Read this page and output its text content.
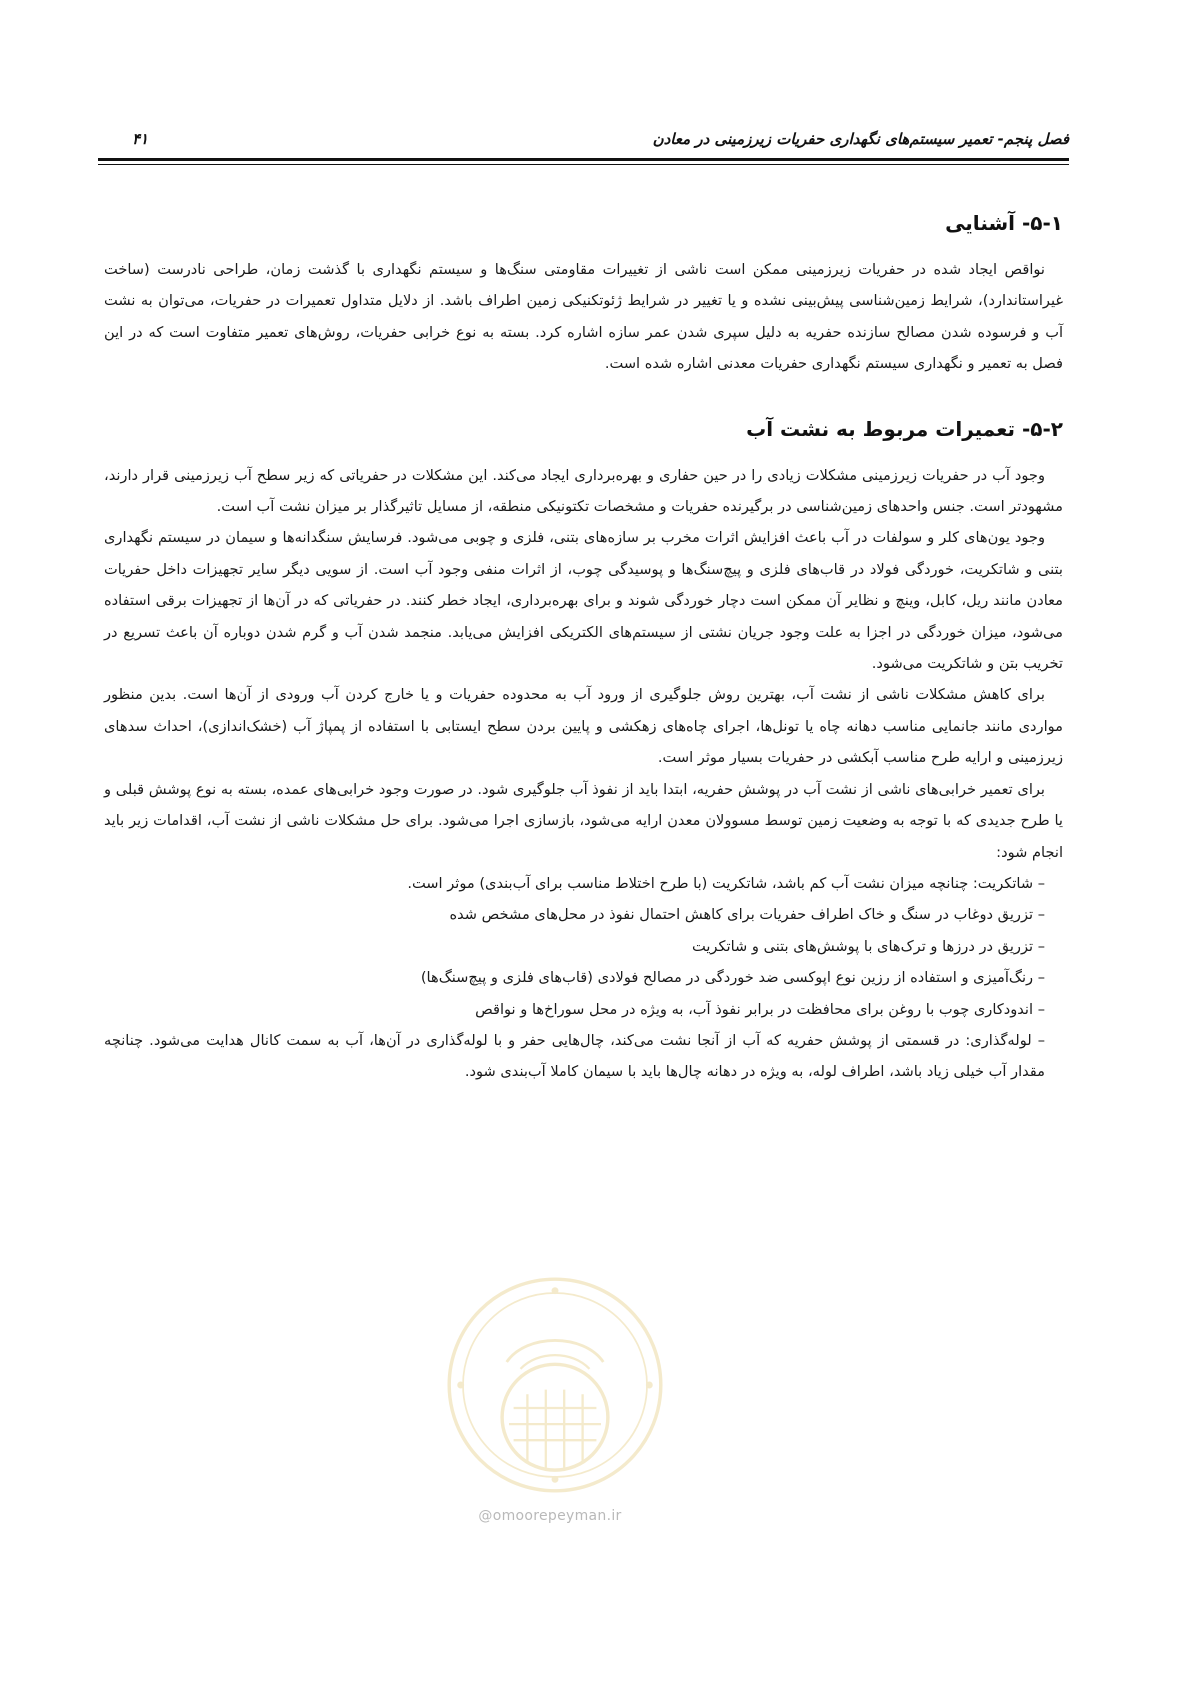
فصل پنجم- تعمیر سیستم‌های نگهداری حفریات زیرزمینی در معادن
۴۱
۵-۱- آشنایی

نواقص ایجاد شده در حفریات زیرزمینی ممکن است ناشی از تغییرات مقاومتی سنگ‌ها و سیستم نگهداری با گذشت زمان، طراحی نادرست (ساخت غیراستاندارد)، شرایط زمین‌شناسی پیش‌بینی نشده و یا تغییر در شرایط ژئوتکنیکی زمین اطراف باشد. از دلایل متداول تعمیرات در حفریات، می‌توان به نشت آب و فرسوده شدن مصالح سازنده حفریه به دلیل سپری شدن عمر سازه اشاره کرد. بسته به نوع خرابی حفریات، روش‌های تعمیر متفاوت است که در این فصل به تعمیر و نگهداری سیستم نگهداری حفریات معدنی اشاره شده است.

۵-۲- تعمیرات مربوط به نشت آب

وجود آب در حفریات زیرزمینی مشکلات زیادی را در حین حفاری و بهره‌برداری ایجاد می‌کند. این مشکلات در حفریاتی که زیر سطح آب زیرزمینی قرار دارند، مشهودتر است. جنس واحدهای زمین‌شناسی در برگیرنده حفریات و مشخصات تکتونیکی منطقه، از مسایل تاثیرگذار بر میزان نشت آب است.

وجود یون‌های کلر و سولفات در آب باعث افزایش اثرات مخرب بر سازه‌های بتنی، فلزی و چوبی می‌شود. فرسایش سنگدانه‌ها و سیمان در سیستم نگهداری بتنی و شاتکریت، خوردگی فولاد در قاب‌های فلزی و پیچ‌سنگ‌ها و پوسیدگی چوب، از اثرات منفی وجود آب است. از سویی دیگر سایر تجهیزات داخل حفریات معادن مانند ریل، کابل، وینچ و نظایر آن ممکن است دچار خوردگی شوند و برای بهره‌برداری، ایجاد خطر کنند. در حفریاتی که در آن‌ها از تجهیزات برقی استفاده می‌شود، میزان خوردگی در اجزا به علت وجود جریان نشتی از سیستم‌های الکتریکی افزایش می‌یابد. منجمد شدن آب و گرم شدن دوباره آن باعث تسریع در تخریب بتن و شاتکریت می‌شود.

برای کاهش مشکلات ناشی از نشت آب، بهترین روش جلوگیری از ورود آب به محدوده حفریات و یا خارج کردن آب ورودی از آن‌ها است. بدین منظور مواردی مانند جانمایی مناسب دهانه چاه یا تونل‌ها، اجرای چاه‌های زهکشی و پایین بردن سطح ایستابی با استفاده از پمپاژ آب (خشک‌اندازی)، احداث سدهای زیرزمینی و ارایه طرح مناسب آبکشی در حفریات بسیار موثر است.

برای تعمیر خرابی‌های ناشی از نشت آب در پوشش حفریه، ابتدا باید از نفوذ آب جلوگیری شود. در صورت وجود خرابی‌های عمده، بسته به نوع پوشش قبلی و یا طرح جدیدی که با توجه به وضعیت زمین توسط مسوولان معدن ارایه می‌شود، بازسازی اجرا می‌شود. برای حل مشکلات ناشی از نشت آب، اقدامات زیر باید انجام شود:

– شاتکریت: چنانچه میزان نشت آب کم باشد، شاتکریت (با طرح اختلاط مناسب برای آب‌بندی) موثر است.
– تزریق دوغاب در سنگ و خاک اطراف حفریات برای کاهش احتمال نفوذ در محل‌های مشخص شده
– تزریق در درزها و ترک‌های با پوشش‌های بتنی و شاتکریت
– رنگ‌آمیزی و استفاده از رزین نوع اپوکسی ضد خوردگی در مصالح فولادی (قاب‌های فلزی و پیچ‌سنگ‌ها)
– اندودکاری چوب با روغن برای محافظت در برابر نفوذ آب، به ویژه در محل سوراخ‌ها و نواقص
– لوله‌گذاری: در قسمتی از پوشش حفریه که آب از آنجا نشت می‌کند، چال‌هایی حفر و با لوله‌گذاری در آن‌ها، آب به سمت کانال هدایت می‌شود. چنانچه مقدار آب خیلی زیاد باشد، اطراف لوله، به ویژه در دهانه چال‌ها باید با سیمان کاملا آب‌بندی شود.
@omoorepeyman.ir
